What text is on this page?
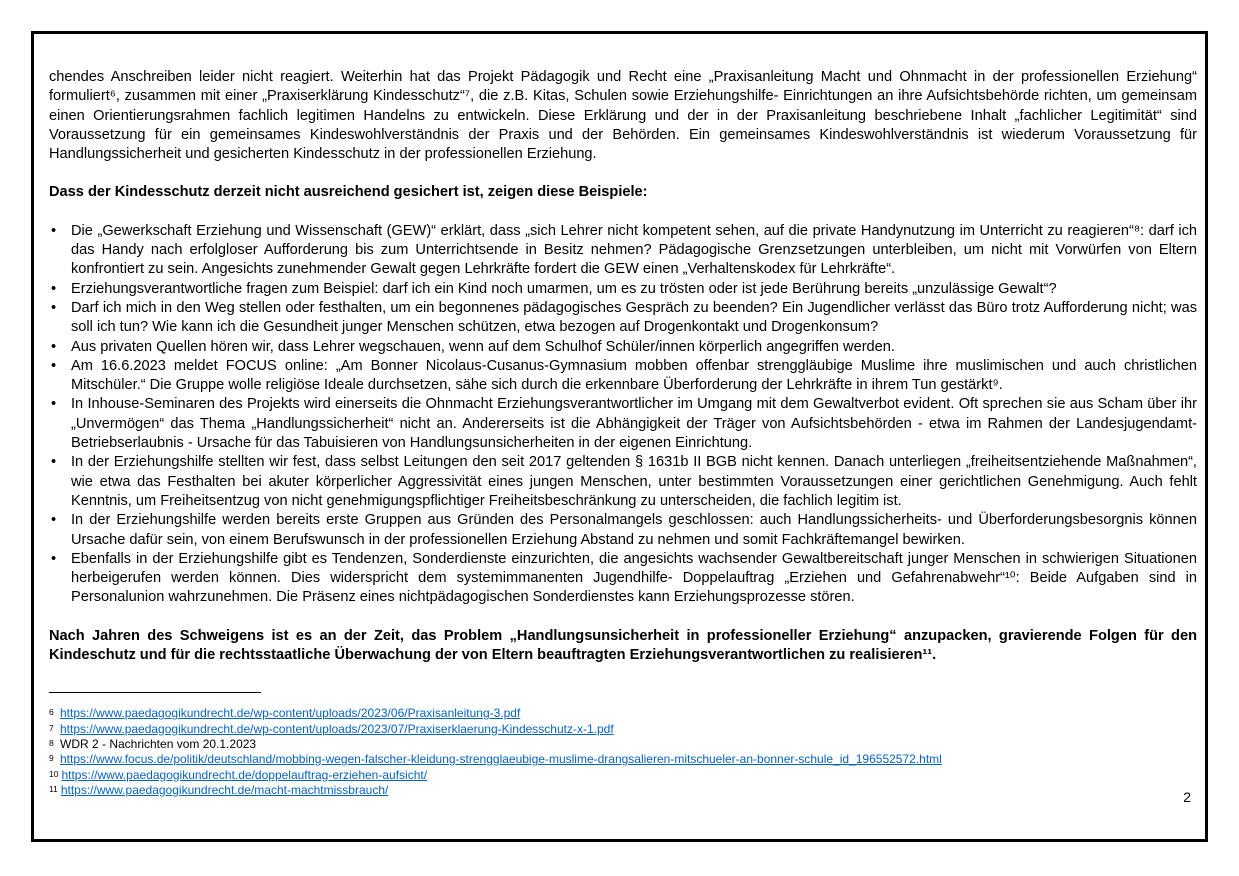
chendes Anschreiben leider nicht reagiert. Weiterhin hat das Projekt Pädagogik und Recht eine „Praxisanleitung Macht und Ohnmacht in der professionellen Erziehung“ formuliert⁶, zusammen mit einer „Praxiserklärung Kindesschutz“⁷, die z.B. Kitas, Schulen sowie Erziehungshilfe- Einrichtungen an ihre Aufsichtsbehörde richten, um gemeinsam einen Orientierungsrahmen fachlich legitimen Handelns zu entwickeln. Diese Erklärung und der in der Praxisanleitung beschriebene Inhalt „fachlicher Legitimität“ sind Voraussetzung für ein gemeinsames Kindeswohlverständnis der Praxis und der Behörden. Ein gemeinsames Kindeswohlverständnis ist wiederum Voraussetzung für Handlungssicherheit und gesicherten Kindesschutz in der professionellen Erziehung.

Dass der Kindesschutz derzeit nicht ausreichend gesichert ist, zeigen diese Beispiele:

• Die „Gewerkschaft Erziehung und Wissenschaft (GEW)“ erklärt, dass „sich Lehrer nicht kompetent sehen, auf die private Handynutzung im Unterricht zu reagieren“⁸: darf ich das Handy nach erfolgloser Aufforderung bis zum Unterrichtsende in Besitz nehmen? Pädagogische Grenzsetzungen unterbleiben, um nicht mit Vorwürfen von Eltern konfrontiert zu sein. Angesichts zunehmender Gewalt gegen Lehrkräfte fordert die GEW einen „Verhaltenskodex für Lehrkräfte“.
• Erziehungsverantwortliche fragen zum Beispiel: darf ich ein Kind noch umarmen, um es zu trösten oder ist jede Berührung bereits „unzulässige Gewalt“?
• Darf ich mich in den Weg stellen oder festhalten, um ein begonnenes pädagogisches Gespräch zu beenden? Ein Jugendlicher verlässt das Büro trotz Aufforderung nicht; was soll ich tun? Wie kann ich die Gesundheit junger Menschen schützen, etwa bezogen auf Drogenkontakt und Drogenkonsum?
• Aus privaten Quellen hören wir, dass Lehrer wegschauen, wenn auf dem Schulhof Schüler/innen körperlich angegriffen werden.
• Am 16.6.2023 meldet FOCUS online: „Am Bonner Nicolaus-Cusanus-Gymnasium mobben offenbar strenggläubige Muslime ihre muslimischen und auch christlichen Mitschüler.“ Die Gruppe wolle religiöse Ideale durchsetzen, sähe sich durch die erkennbare Überforderung der Lehrkräfte in ihrem Tun gestärkt⁹.
• In Inhouse-Seminaren des Projekts wird einerseits die Ohnmacht Erziehungsverantwortlicher im Umgang mit dem Gewaltverbot evident. Oft sprechen sie aus Scham über ihr „Unvermögen“ das Thema „Handlungssicherheit“ nicht an. Andererseits ist die Abhängigkeit der Träger von Aufsichtsbehörden - etwa im Rahmen der Landesjugendamt- Betriebserlaubnis - Ursache für das Tabuisieren von Handlungsunsicherheiten in der eigenen Einrichtung.
• In der Erziehungshilfe stellten wir fest, dass selbst Leitungen den seit 2017 geltenden § 1631b II BGB nicht kennen. Danach unterliegen „freiheitsentziehende Maßnahmen“, wie etwa das Festhalten bei akuter körperlicher Aggressivität eines jungen Menschen, unter bestimmten Voraussetzungen einer gerichtlichen Genehmigung. Auch fehlt Kenntnis, um Freiheitsentzug von nicht genehmigungspflichtiger Freiheitsbeschränkung zu unterscheiden, die fachlich legitim ist.
• In der Erziehungshilfe werden bereits erste Gruppen aus Gründen des Personalmangels geschlossen: auch Handlungssicherheits- und Überforderungsbesorgnis können Ursache dafür sein, von einem Berufswunsch in der professionellen Erziehung Abstand zu nehmen und somit Fachkräftemangel bewirken.
• Ebenfalls in der Erziehungshilfe gibt es Tendenzen, Sonderdienste einzurichten, die angesichts wachsender Gewaltbereitschaft junger Menschen in schwierigen Situationen herbeigerufen werden können. Dies widerspricht dem systemimmanenten Jugendhilfe- Doppelauftrag „Erziehen und Gefahrenabwehr“¹⁰: Beide Aufgaben sind in Personalunion wahrzunehmen. Die Präsenz eines nichtpädagogischen Sonderdienstes kann Erziehungsprozesse stören.

Nach Jahren des Schweigens ist es an der Zeit, das Problem „Handlungsunsicherheit in professioneller Erziehung“ anzupacken, gravierende Folgen für den Kindeschutz und für die rechtsstaatliche Überwachung der von Eltern beauftragten Erziehungsverantwortlichen zu realisieren¹¹.

6 https://www.paedagogikundrecht.de/wp-content/uploads/2023/06/Praxisanleitung-3.pdf
7 https://www.paedagogikundrecht.de/wp-content/uploads/2023/07/Praxiserklaerung-Kindesschutz-x-1.pdf
8 WDR 2 - Nachrichten vom 20.1.2023
9 https://www.focus.de/politik/deutschland/mobbing-wegen-falscher-kleidung-strengglaeubige-muslime-drangsalieren-mitschueler-an-bonner-schule_id_196552572.html
10 https://www.paedagogikundrecht.de/doppelauftrag-erziehen-aufsicht/
11 https://www.paedagogikundrecht.de/macht-machtmissbrauch/	2
